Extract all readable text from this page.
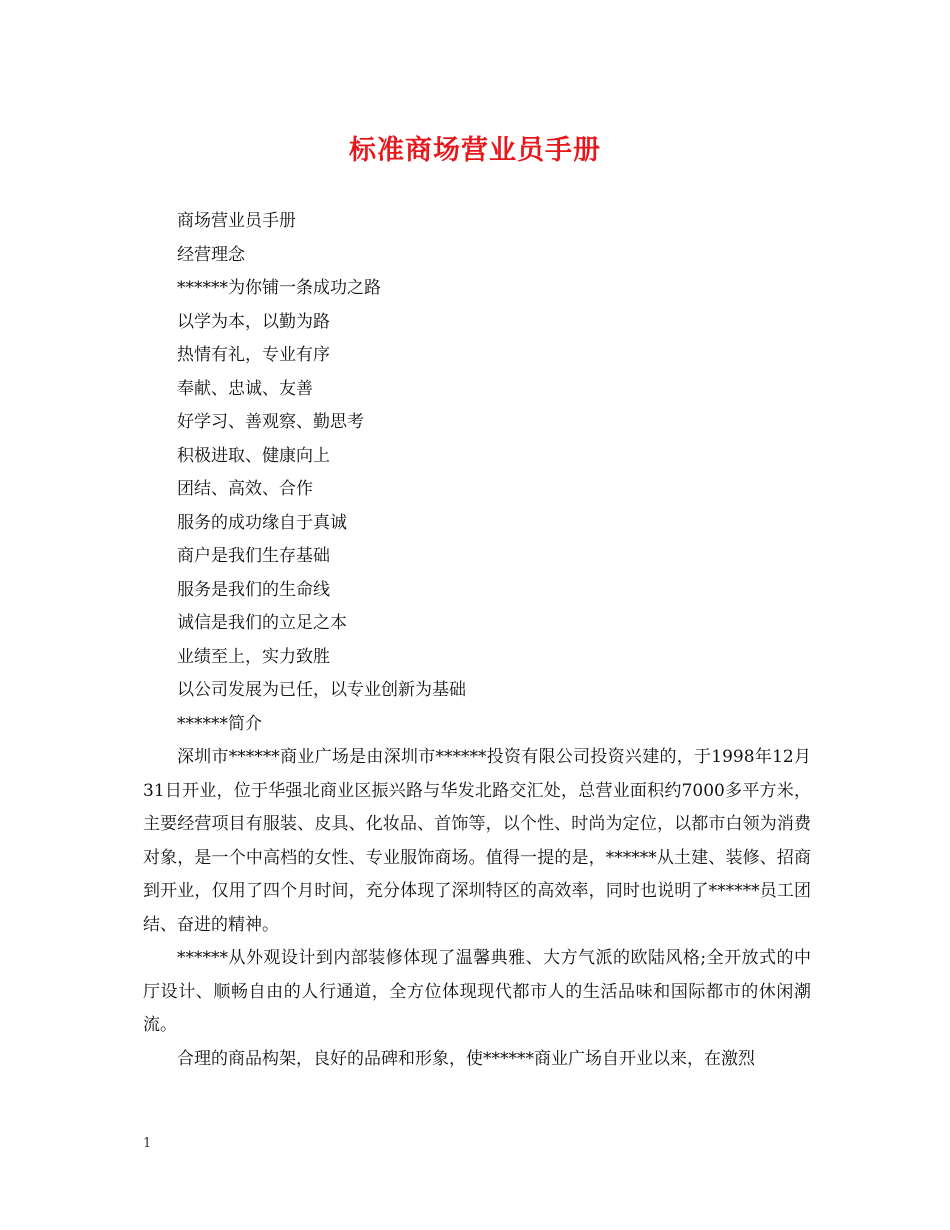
标准商场营业员手册
商场营业员手册
经营理念
******为你铺一条成功之路
以学为本，以勤为路
热情有礼，专业有序
奉献、忠诚、友善
好学习、善观察、勤思考
积极进取、健康向上
团结、高效、合作
服务的成功缘自于真诚
商户是我们生存基础
服务是我们的生命线
诚信是我们的立足之本
业绩至上，实力致胜
以公司发展为已任，以专业创新为基础
******简介

深圳市******商业广场是由深圳市******投资有限公司投资兴建的，于1998年12月31日开业，位于华强北商业区振兴路与华发北路交汇处，总营业面积约7000多平方米，主要经营项目有服装、皮具、化妆品、首饰等，以个性、时尚为定位，以都市白领为消费对象，是一个中高档的女性、专业服饰商场。值得一提的是，******从土建、装修、招商到开业，仅用了四个月时间，充分体现了深圳特区的高效率，同时也说明了******员工团结、奋进的精神。

******从外观设计到内部装修体现了温馨典雅、大方气派的欧陆风格;全开放式的中厅设计、顺畅自由的人行通道，全方位体现现代都市人的生活品味和国际都市的休闲潮流。

合理的商品构架，良好的品碑和形象，使******商业广场自开业以来，在激烈

1
